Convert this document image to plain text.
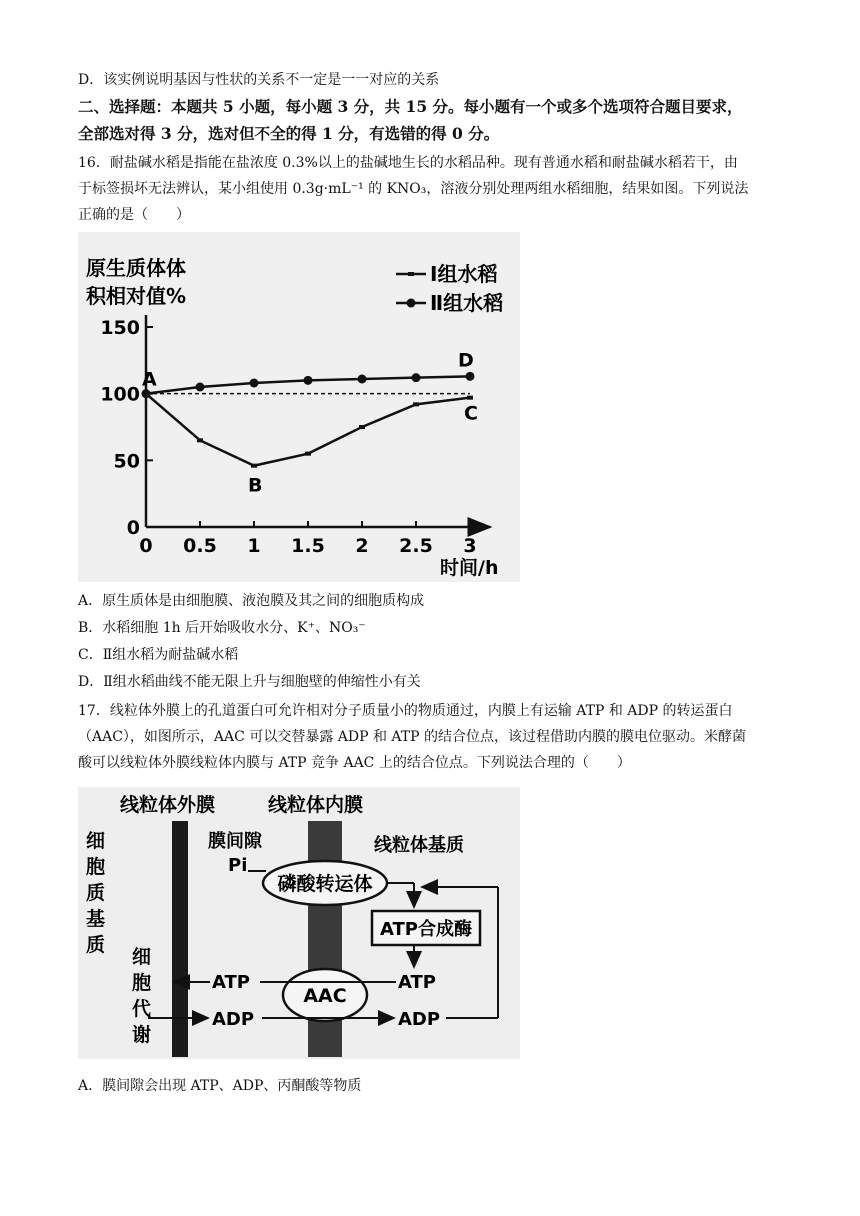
D．该实例说明基因与性状的关系不一定是一一对应的关系
二、选择题：本题共 5 小题，每小题 3 分，共 15 分。每小题有一个或多个选项符合题目要求，
全部选对得 3 分，选对但不全的得 1 分，有选错的得 0 分。
16．耐盐碱水稻是指能在盐浓度 0.3%以上的盐碱地生长的水稻品种。现有普通水稻和耐盐碱水稻若干，由
于标签损坏无法辨认，某小组使用 0.3g·mL⁻¹ 的 KNO₃，溶液分别处理两组水稻细胞，结果如图。下列说法
正确的是（　　）
原生质体体
积相对值%
时间/h
Ⅰ组水稻
Ⅱ组水稻
0 0.5 1 1.5 2 2.5 3
0
50
100
150
A
B
C
D
A．原生质体是由细胞膜、液泡膜及其之间的细胞质构成
B．水稻细胞 1h 后开始吸收水分、K⁺、NO₃⁻
C．Ⅱ组水稻为耐盐碱水稻
D．Ⅱ组水稻曲线不能无限上升与细胞壁的伸缩性小有关
17．线粒体外膜上的孔道蛋白可允许相对分子质量小的物质通过，内膜上有运输 ATP 和 ADP 的转运蛋白
（AAC），如图所示，AAC 可以交替暴露 ADP 和 ATP 的结合位点，该过程借助内膜的膜电位驱动。米酵菌
酸可以线粒体外膜线粒体内膜与 ATP 竞争 AAC 上的结合位点。下列说法合理的（　　）
线粒体外膜	线粒体内膜
膜间隙	线粒体基质
细
胞
质
基
质
细
胞
代
谢
Pi
磷酸转运体
ATP合成酶
AAC
ATP
ATP
ADP	ADP
A．膜间隙会出现 ATP、ADP、丙酮酸等物质
